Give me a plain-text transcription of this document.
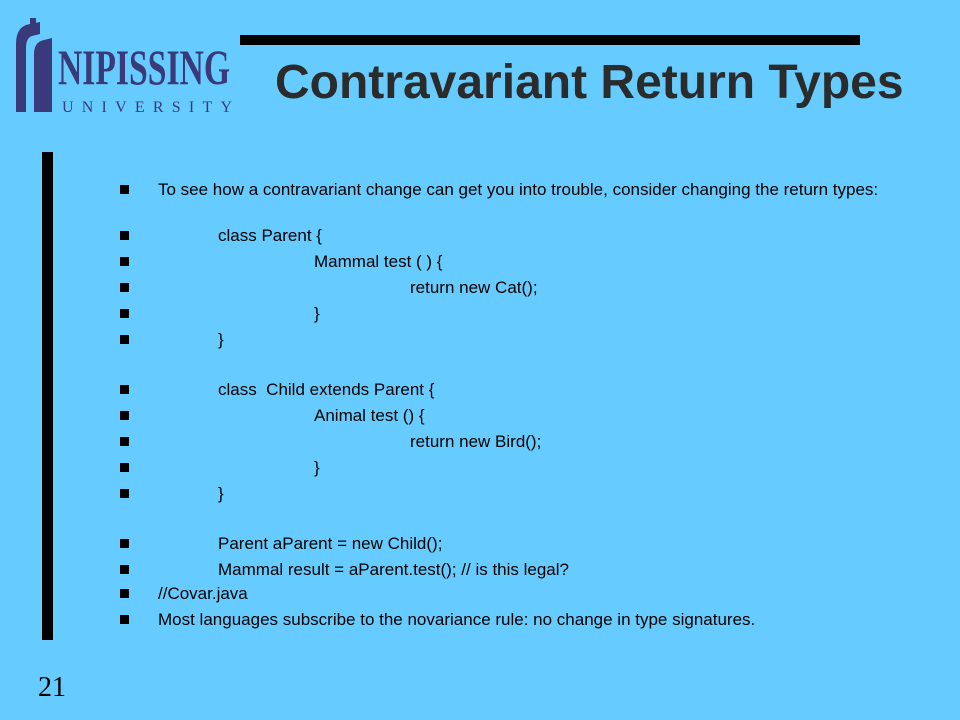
NIPISSING
UNIVERSITY Contravariant Return Types
To see how a contravariant change can get you into trouble, consider changing the return types:
class Parent {
Mammal test ( ) {
return new Cat();
}
}
class  Child extends Parent {
Animal test () {
return new Bird();
}
}
Parent aParent = new Child();
Mammal result = aParent.test(); // is this legal?
//Covar.java
Most languages subscribe to the novariance rule: no change in type signatures.
21
